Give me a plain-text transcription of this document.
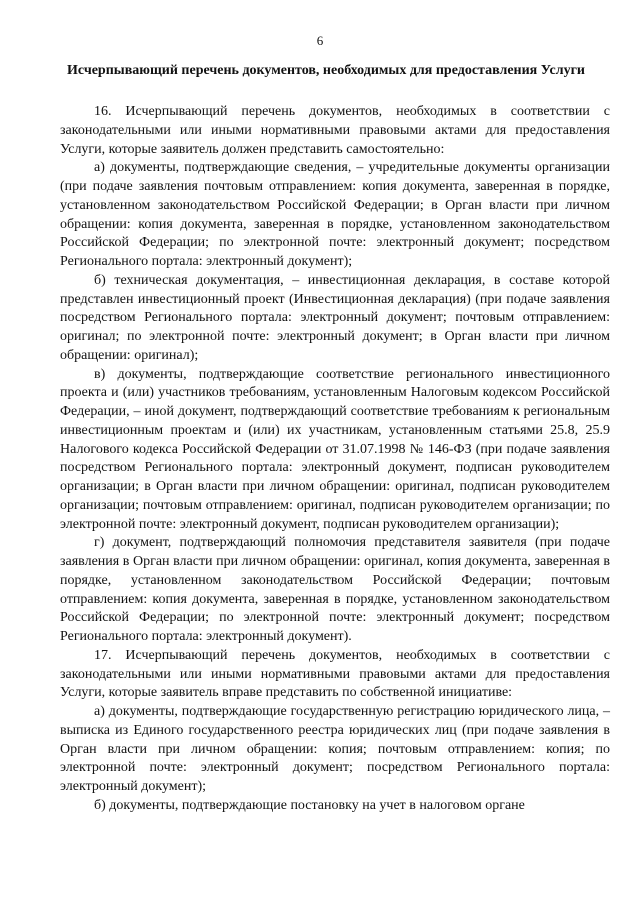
6
Исчерпывающий перечень документов, необходимых для предоставления Услуги

16. Исчерпывающий перечень документов, необходимых в соответствии с законодательными или иными нормативными правовыми актами для предоставления Услуги, которые заявитель должен представить самостоятельно:

а) документы, подтверждающие сведения, – учредительные документы организации (при подаче заявления почтовым отправлением: копия документа, заверенная в порядке, установленном законодательством Российской Федерации; в Орган власти при личном обращении: копия документа, заверенная в порядке, установленном законодательством Российской Федерации; по электронной почте: электронный документ; посредством Регионального портала: электронный документ);

б) техническая документация, – инвестиционная декларация, в составе которой представлен инвестиционный проект (Инвестиционная декларация) (при подаче заявления посредством Регионального портала: электронный документ; почтовым отправлением: оригинал; по электронной почте: электронный документ; в Орган власти при личном обращении: оригинал);

в) документы, подтверждающие соответствие регионального инвестиционного проекта и (или) участников требованиям, установленным Налоговым кодексом Российской Федерации, – иной документ, подтверждающий соответствие требованиям к региональным инвестиционным проектам и (или) их участникам, установленным статьями 25.8, 25.9 Налогового кодекса Российской Федерации от 31.07.1998 № 146-ФЗ (при подаче заявления посредством Регионального портала: электронный документ, подписан руководителем организации; в Орган власти при личном обращении: оригинал, подписан руководителем организации; почтовым отправлением: оригинал, подписан руководителем организации; по электронной почте: электронный документ, подписан руководителем организации);

г) документ, подтверждающий полномочия представителя заявителя (при подаче заявления в Орган власти при личном обращении: оригинал, копия документа, заверенная в порядке, установленном законодательством Российской Федерации; почтовым отправлением: копия документа, заверенная в порядке, установленном законодательством Российской Федерации; по электронной почте: электронный документ; посредством Регионального портала: электронный документ).

17. Исчерпывающий перечень документов, необходимых в соответствии с законодательными или иными нормативными правовыми актами для предоставления Услуги, которые заявитель вправе представить по собственной инициативе:

а) документы, подтверждающие государственную регистрацию юридического лица, – выписка из Единого государственного реестра юридических лиц (при подаче заявления в Орган власти при личном обращении: копия; почтовым отправлением: копия; по электронной почте: электронный документ; посредством Регионального портала: электронный документ);

б) документы, подтверждающие постановку на учет в налоговом органе
